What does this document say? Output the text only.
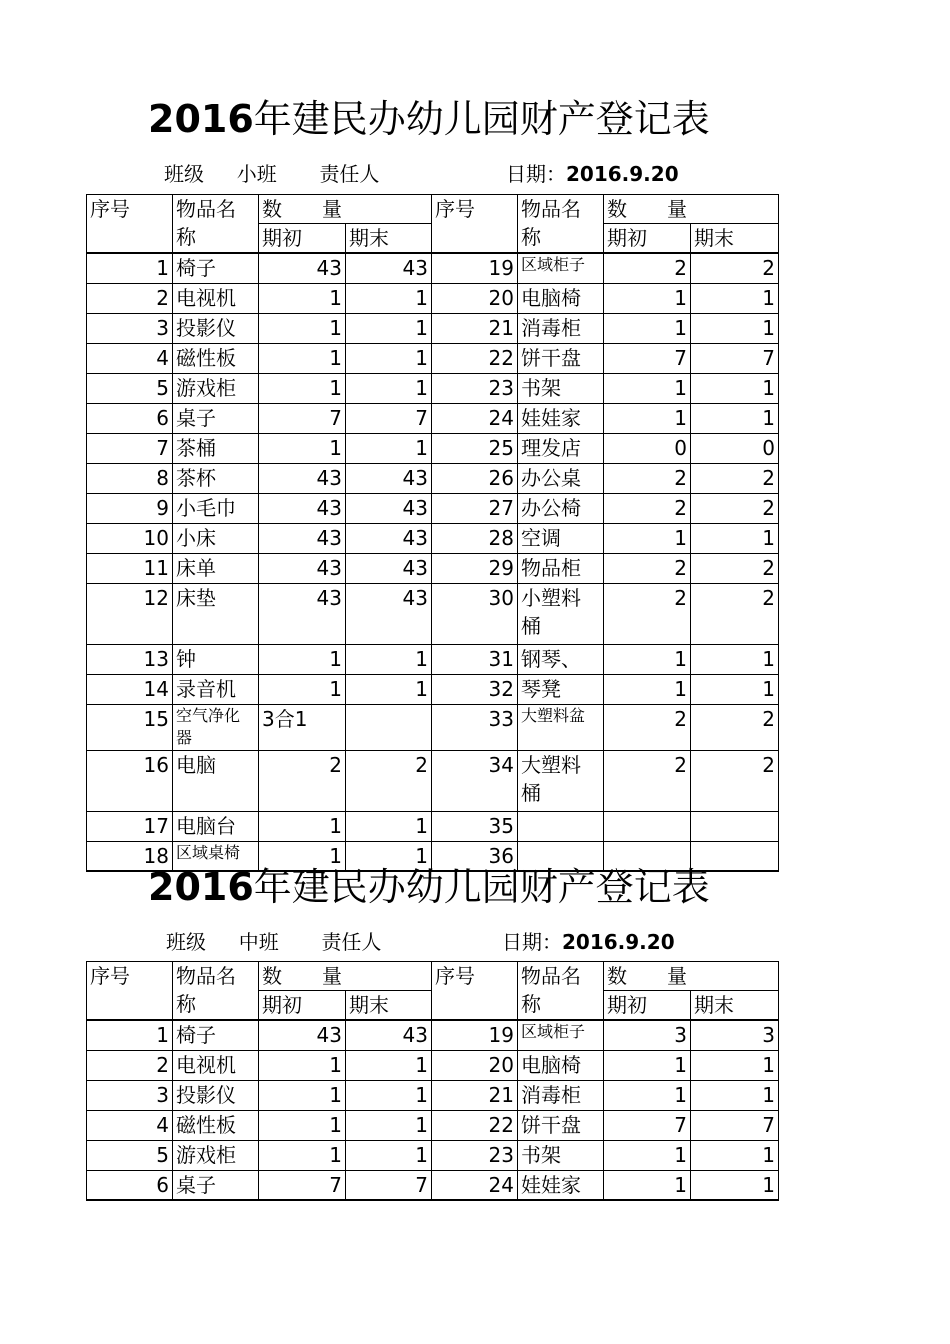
2016年建民办幼儿园财产登记表
班级 小班 责任人	日期：2016.9.20
序号	物品名称	数　　量		序号	物品名称	数　　量	
		期初	期末			期初	期末
1	椅子	43	43	19	区域柜子	2	2
2	电视机	1	1	20	电脑椅	1	1
3	投影仪	1	1	21	消毒柜	1	1
4	磁性板	1	1	22	饼干盘	7	7
5	游戏柜	1	1	23	书架	1	1
6	桌子	7	7	24	娃娃家	1	1
7	茶桶	1	1	25	理发店	0	0
8	茶杯	43	43	26	办公桌	2	2
9	小毛巾	43	43	27	办公椅	2	2
10	小床	43	43	28	空调	1	1
11	床单	43	43	29	物品柜	2	2
12	床垫	43	43	30	小塑料桶	2	2
13	钟	1	1	31	钢琴、	1	1
14	录音机	1	1	32	琴凳	1	1
15	空气净化器	3合1		33	大塑料盆	2	2
16	电脑	2	2	34	大塑料桶	2	2
17	电脑台	1	1	35			
18	区域桌椅	1	1	36			
2016年建民办幼儿园财产登记表
班级 中班 责任人	日期：2016.9.20
序号	物品名称	数　　量		序号	物品名称	数　　量	
		期初	期末			期初	期末
1	椅子	43	43	19	区域柜子	3	3
2	电视机	1	1	20	电脑椅	1	1
3	投影仪	1	1	21	消毒柜	1	1
4	磁性板	1	1	22	饼干盘	7	7
5	游戏柜	1	1	23	书架	1	1
6	桌子	7	7	24	娃娃家	1	1
